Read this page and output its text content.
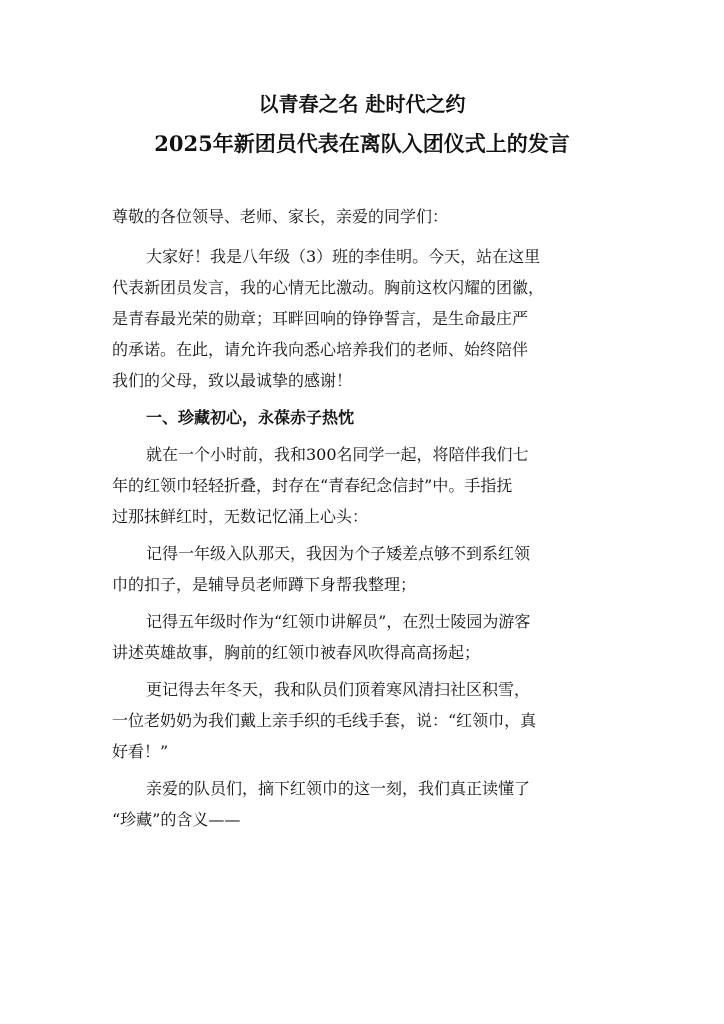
以青春之名 赴时代之约
2025年新团员代表在离队入团仪式上的发言
尊敬的各位领导、老师、家长，亲爱的同学们：
大家好！我是八年级（3）班的李佳明。今天，站在这里
代表新团员发言，我的心情无比激动。胸前这枚闪耀的团徽，
是青春最光荣的勋章；耳畔回响的铮铮誓言，是生命最庄严
的承诺。在此，请允许我向悉心培养我们的老师、始终陪伴
我们的父母，致以最诚挚的感谢！
一、珍藏初心，永葆赤子热忱
就在一个小时前，我和300名同学一起，将陪伴我们七
年的红领巾轻轻折叠，封存在“青春纪念信封”中。手指抚
过那抹鲜红时，无数记忆涌上心头：
记得一年级入队那天，我因为个子矮差点够不到系红领
巾的扣子，是辅导员老师蹲下身帮我整理；
记得五年级时作为“红领巾讲解员”，在烈士陵园为游客
讲述英雄故事，胸前的红领巾被春风吹得高高扬起；
更记得去年冬天，我和队员们顶着寒风清扫社区积雪，
一位老奶奶为我们戴上亲手织的毛线手套，说：“红领巾，真
好看！”
亲爱的队员们，摘下红领巾的这一刻，我们真正读懂了
“珍藏”的含义——
